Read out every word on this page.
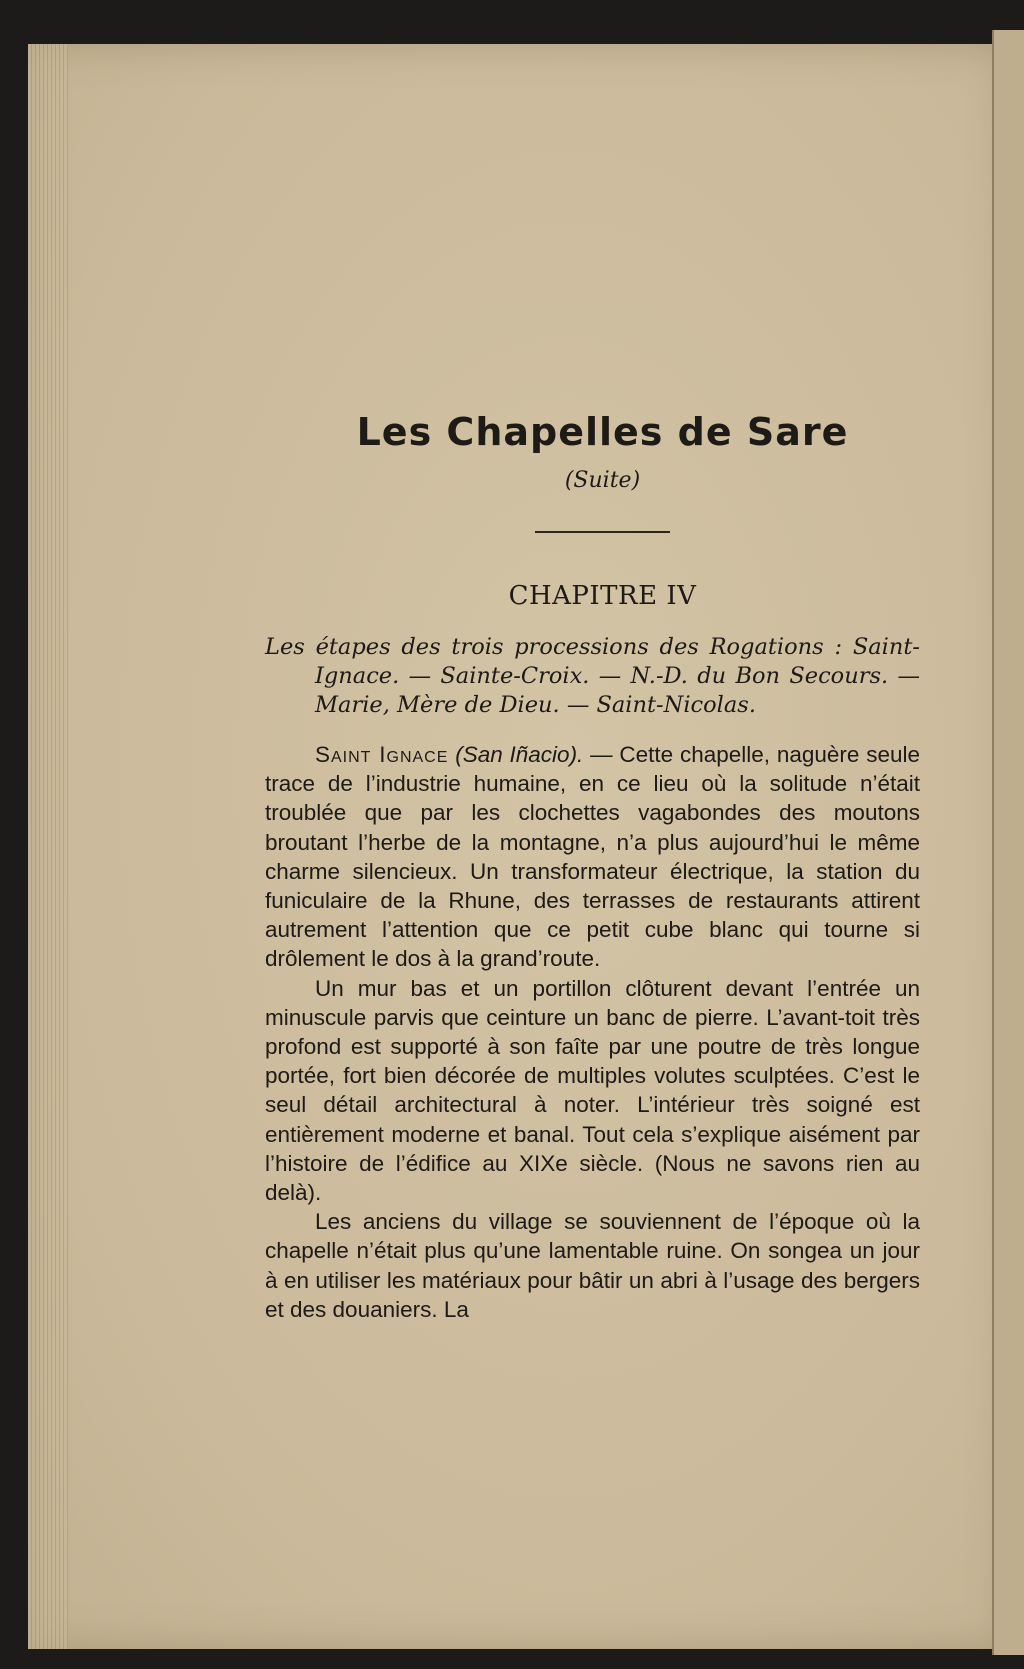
Les Chapelles de Sare
(Suite)
CHAPITRE IV
Les étapes des trois processions des Rogations : Saint-Ignace. — Sainte-Croix. — N.-D. du Bon Secours. — Marie, Mère de Dieu. — Saint-Nicolas.

Saint Ignace (San Iñacio). — Cette chapelle, naguère seule trace de l’industrie humaine, en ce lieu où la solitude n’était troublée que par les clochettes vagabondes des moutons broutant l’herbe de la montagne, n’a plus aujourd’hui le même charme silencieux. Un transformateur électrique, la station du funiculaire de la Rhune, des terrasses de restaurants attirent autrement l’attention que ce petit cube blanc qui tourne si drôlement le dos à la grand’route.

Un mur bas et un portillon clôturent devant l’entrée un minuscule parvis que ceinture un banc de pierre. L’avant-toit très profond est supporté à son faîte par une poutre de très longue portée, fort bien décorée de multiples volutes sculptées. C’est le seul détail architectural à noter. L’intérieur très soigné est entièrement moderne et banal. Tout cela s’explique aisément par l’histoire de l’édifice au XIXe siècle. (Nous ne savons rien au delà).

Les anciens du village se souviennent de l’époque où la chapelle n’était plus qu’une lamentable ruine. On songea un jour à en utiliser les matériaux pour bâtir un abri à l’usage des bergers et des douaniers. La
